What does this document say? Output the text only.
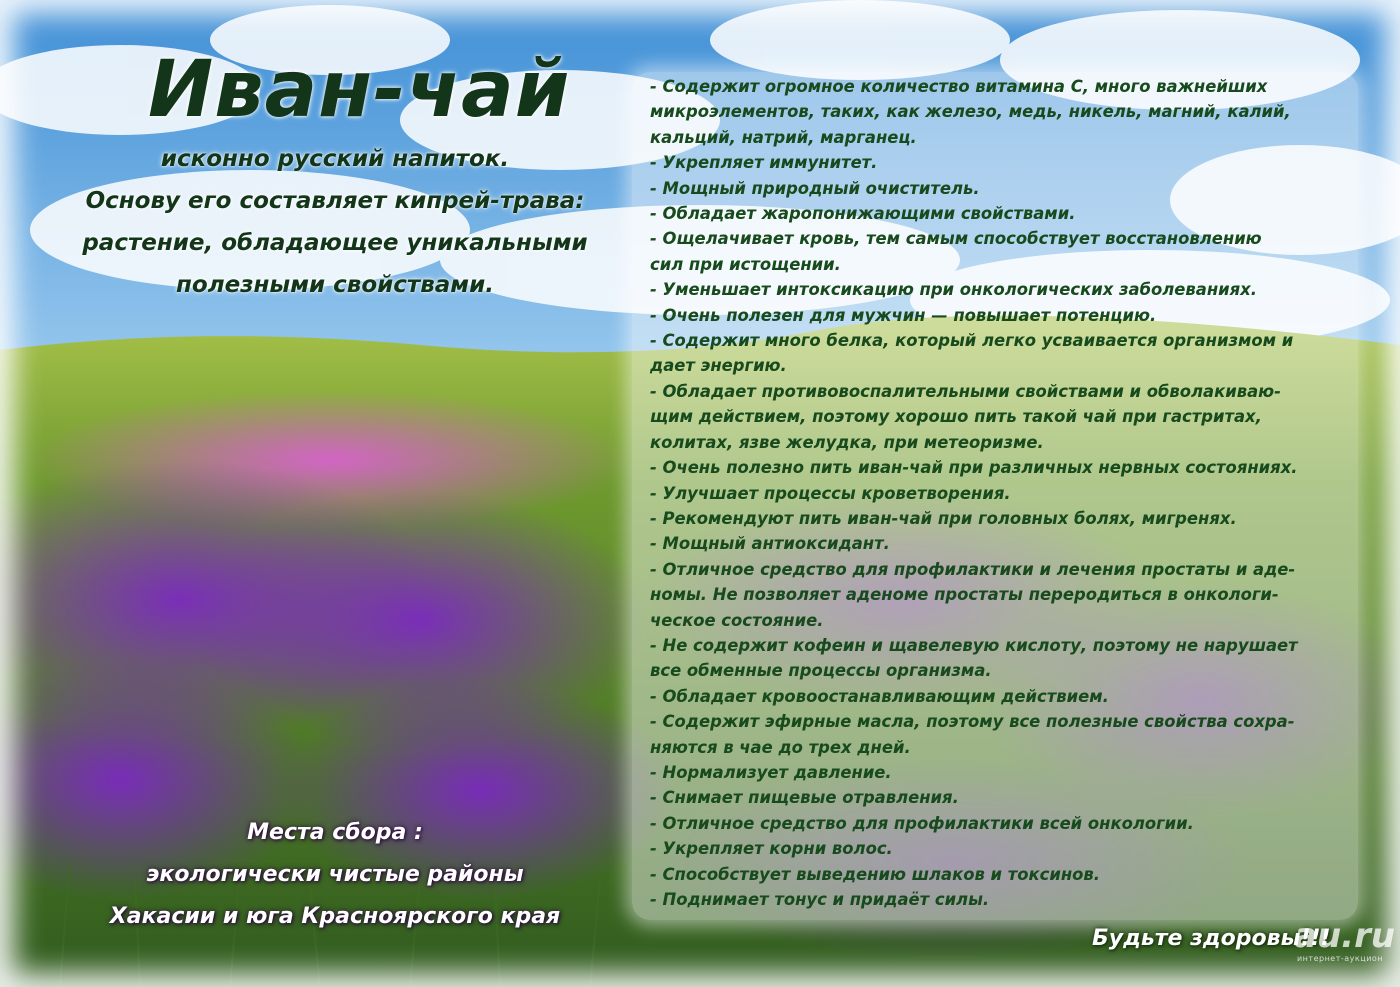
Иван-чай
исконно русский напиток.
Основу его составляет кипрей-трава:
растение, обладающее уникальными
полезными свойствами.
- Содержит огромное количество витамина С, много важнейших
микроэлементов, таких, как железо, медь, никель, магний, калий,
кальций, натрий, марганец.
- Укрепляет иммунитет.
- Мощный природный очиститель.
- Обладает жаропонижающими свойствами.
- Ощелачивает кровь, тем самым способствует восстановлению
сил при истощении.
- Уменьшает интоксикацию при онкологических заболеваниях.
- Очень полезен для мужчин — повышает потенцию.
- Содержит много белка, который легко усваивается организмом и
дает энергию.
- Обладает противовоспалительными свойствами и обволакиваю-
щим действием, поэтому хорошо пить такой чай при гастритах,
колитах, язве желудка, при метеоризме.
- Очень полезно пить иван-чай при различных нервных состояниях.
- Улучшает процессы кроветворения.
- Рекомендуют пить иван-чай при головных болях, мигренях.
- Мощный антиоксидант.
- Отличное средство для профилактики и лечения простаты и аде-
номы. Не позволяет аденоме простаты переродиться в онкологи-
ческое состояние.
- Не содержит кофеин и щавелевую кислоту, поэтому не нарушает
все обменные процессы организма.
- Обладает кровоостанавливающим действием.
- Содержит эфирные масла, поэтому все полезные свойства сохра-
няются в чае до трех дней.
- Нормализует давление.
- Снимает пищевые отравления.
- Отличное средство для профилактики всей онкологии.
- Укрепляет корни волос.
- Способствует выведению шлаков и токсинов.
- Поднимает тонус и придаёт силы.
Места сбора :
экологически чистые районы
Хакасии и юга Красноярского края

Будьте здоровы!!!

au.ru
интернет-аукцион
